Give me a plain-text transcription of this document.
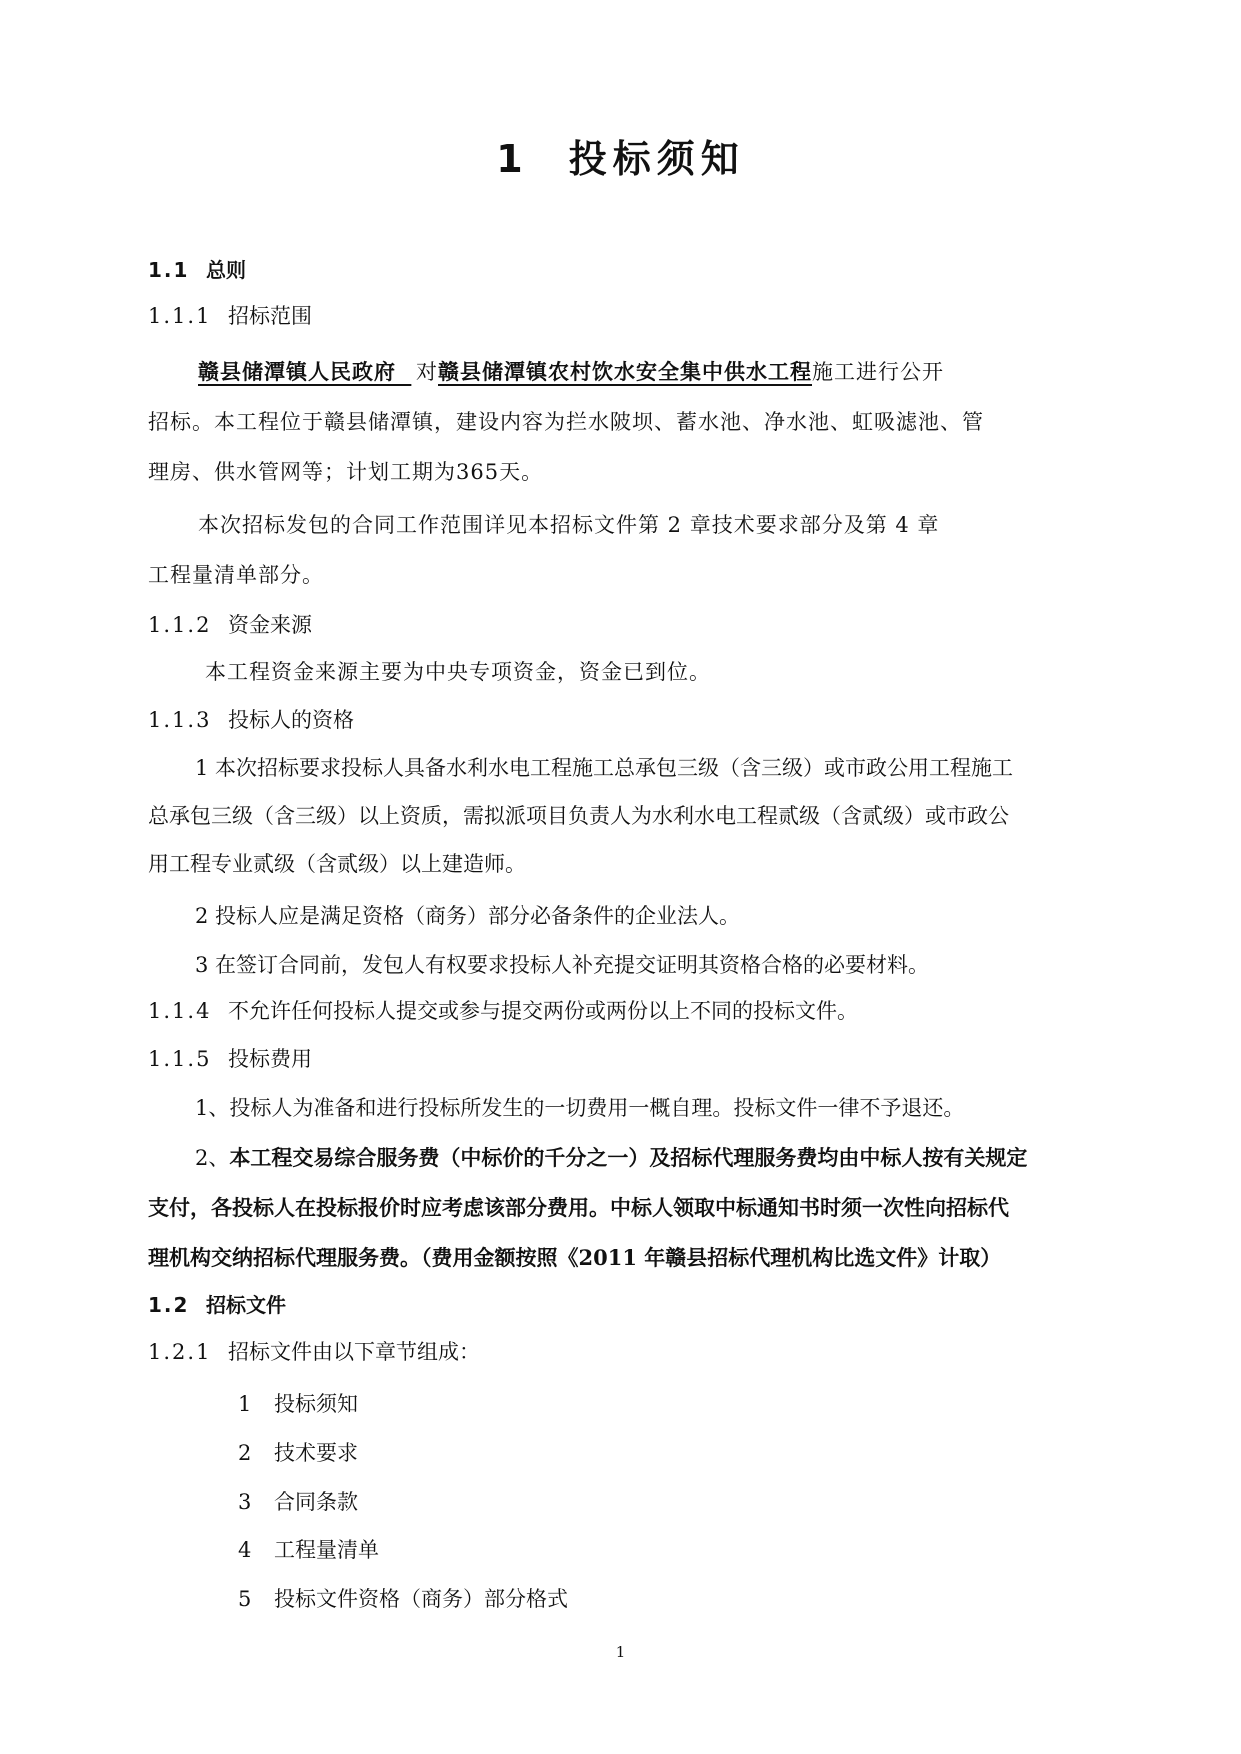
1 投标须知
1.1 总则
1.1.1 招标范围
赣县储潭镇人民政府 对赣县储潭镇农村饮水安全集中供水工程施工进行公开
招标。本工程位于赣县储潭镇，建设内容为拦水陂坝、蓄水池、净水池、虹吸滤池、管
理房、供水管网等；计划工期为365天。
本次招标发包的合同工作范围详见本招标文件第 2 章技术要求部分及第 4 章
工程量清单部分。
1.1.2 资金来源
本工程资金来源主要为中央专项资金，资金已到位。
1.1.3 投标人的资格
1 本次招标要求投标人具备水利水电工程施工总承包三级（含三级）或市政公用工程施工
总承包三级（含三级）以上资质，需拟派项目负责人为水利水电工程贰级（含贰级）或市政公
用工程专业贰级（含贰级）以上建造师。
2 投标人应是满足资格（商务）部分必备条件的企业法人。
3 在签订合同前，发包人有权要求投标人补充提交证明其资格合格的必要材料。
1.1.4 不允许任何投标人提交或参与提交两份或两份以上不同的投标文件。
1.1.5 投标费用
1、投标人为准备和进行投标所发生的一切费用一概自理。投标文件一律不予退还。
2、本工程交易综合服务费（中标价的千分之一）及招标代理服务费均由中标人按有关规定
支付，各投标人在投标报价时应考虑该部分费用。中标人领取中标通知书时须一次性向招标代
理机构交纳招标代理服务费。（费用金额按照《2011 年赣县招标代理机构比选文件》计取）
1.2 招标文件
1.2.1 招标文件由以下章节组成：
1 投标须知
2 技术要求
3 合同条款
4 工程量清单
5 投标文件资格（商务）部分格式
1
